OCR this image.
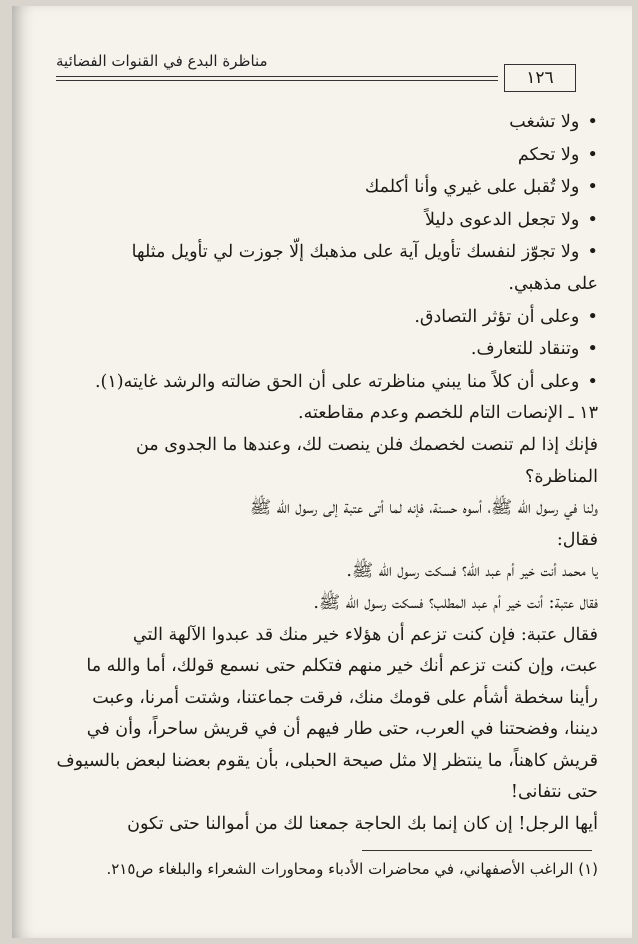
مناظرة البدع في القنوات الفضائية
١٢٦
• ولا تشغب
• ولا تحكم
• ولا تُقبل على غيري وأنا أكلمك
• ولا تجعل الدعوى دليلاً
• ولا تجوّز لنفسك تأويل آية على مذهبك إلّا جوزت لي تأويل مثلها
على مذهبي.
• وعلى أن تؤثر التصادق.
• وتنقاد للتعارف.
• وعلى أن كلاً منا يبني مناظرته على أن الحق ضالته والرشد غايته(١).
١٣ ـ الإنصات التام للخصم وعدم مقاطعته.
فإنك إذا لم تنصت لخصمك فلن ينصت لك، وعندها ما الجدوى من
المناظرة؟
ولنا في رسول الله ﷺ، أسوه حسنة، فإنه لما أتى عتبة إلى رسول الله ﷺ
فقال:
يا محمد أنت خير أم عبد الله؟ فسكت رسول الله ﷺ.
فقال عتبة: أنت خير أم عبد المطلب؟ فسكت رسول الله ﷺ.
فقال عتبة: فإن كنت تزعم أن هؤلاء خير منك قد عبدوا الآلهة التي
عبت، وإن كنت تزعم أنك خير منهم فتكلم حتى نسمع قولك، أما والله ما
رأينا سخطة أشأم على قومك منك، فرقت جماعتنا، وشتت أمرنا، وعبت
ديننا، وفضحتنا في العرب، حتى طار فيهم أن في قريش ساحراً، وأن في
قريش كاهناً، ما ينتظر إلا مثل صيحة الحبلى، بأن يقوم بعضنا لبعض بالسيوف
حتى نتفانى!
أيها الرجل! إن كان إنما بك الحاجة جمعنا لك من أموالنا حتى تكون
(١) الراغب الأصفهاني، في محاضرات الأدباء ومحاورات الشعراء والبلغاء ص٢١٥.
